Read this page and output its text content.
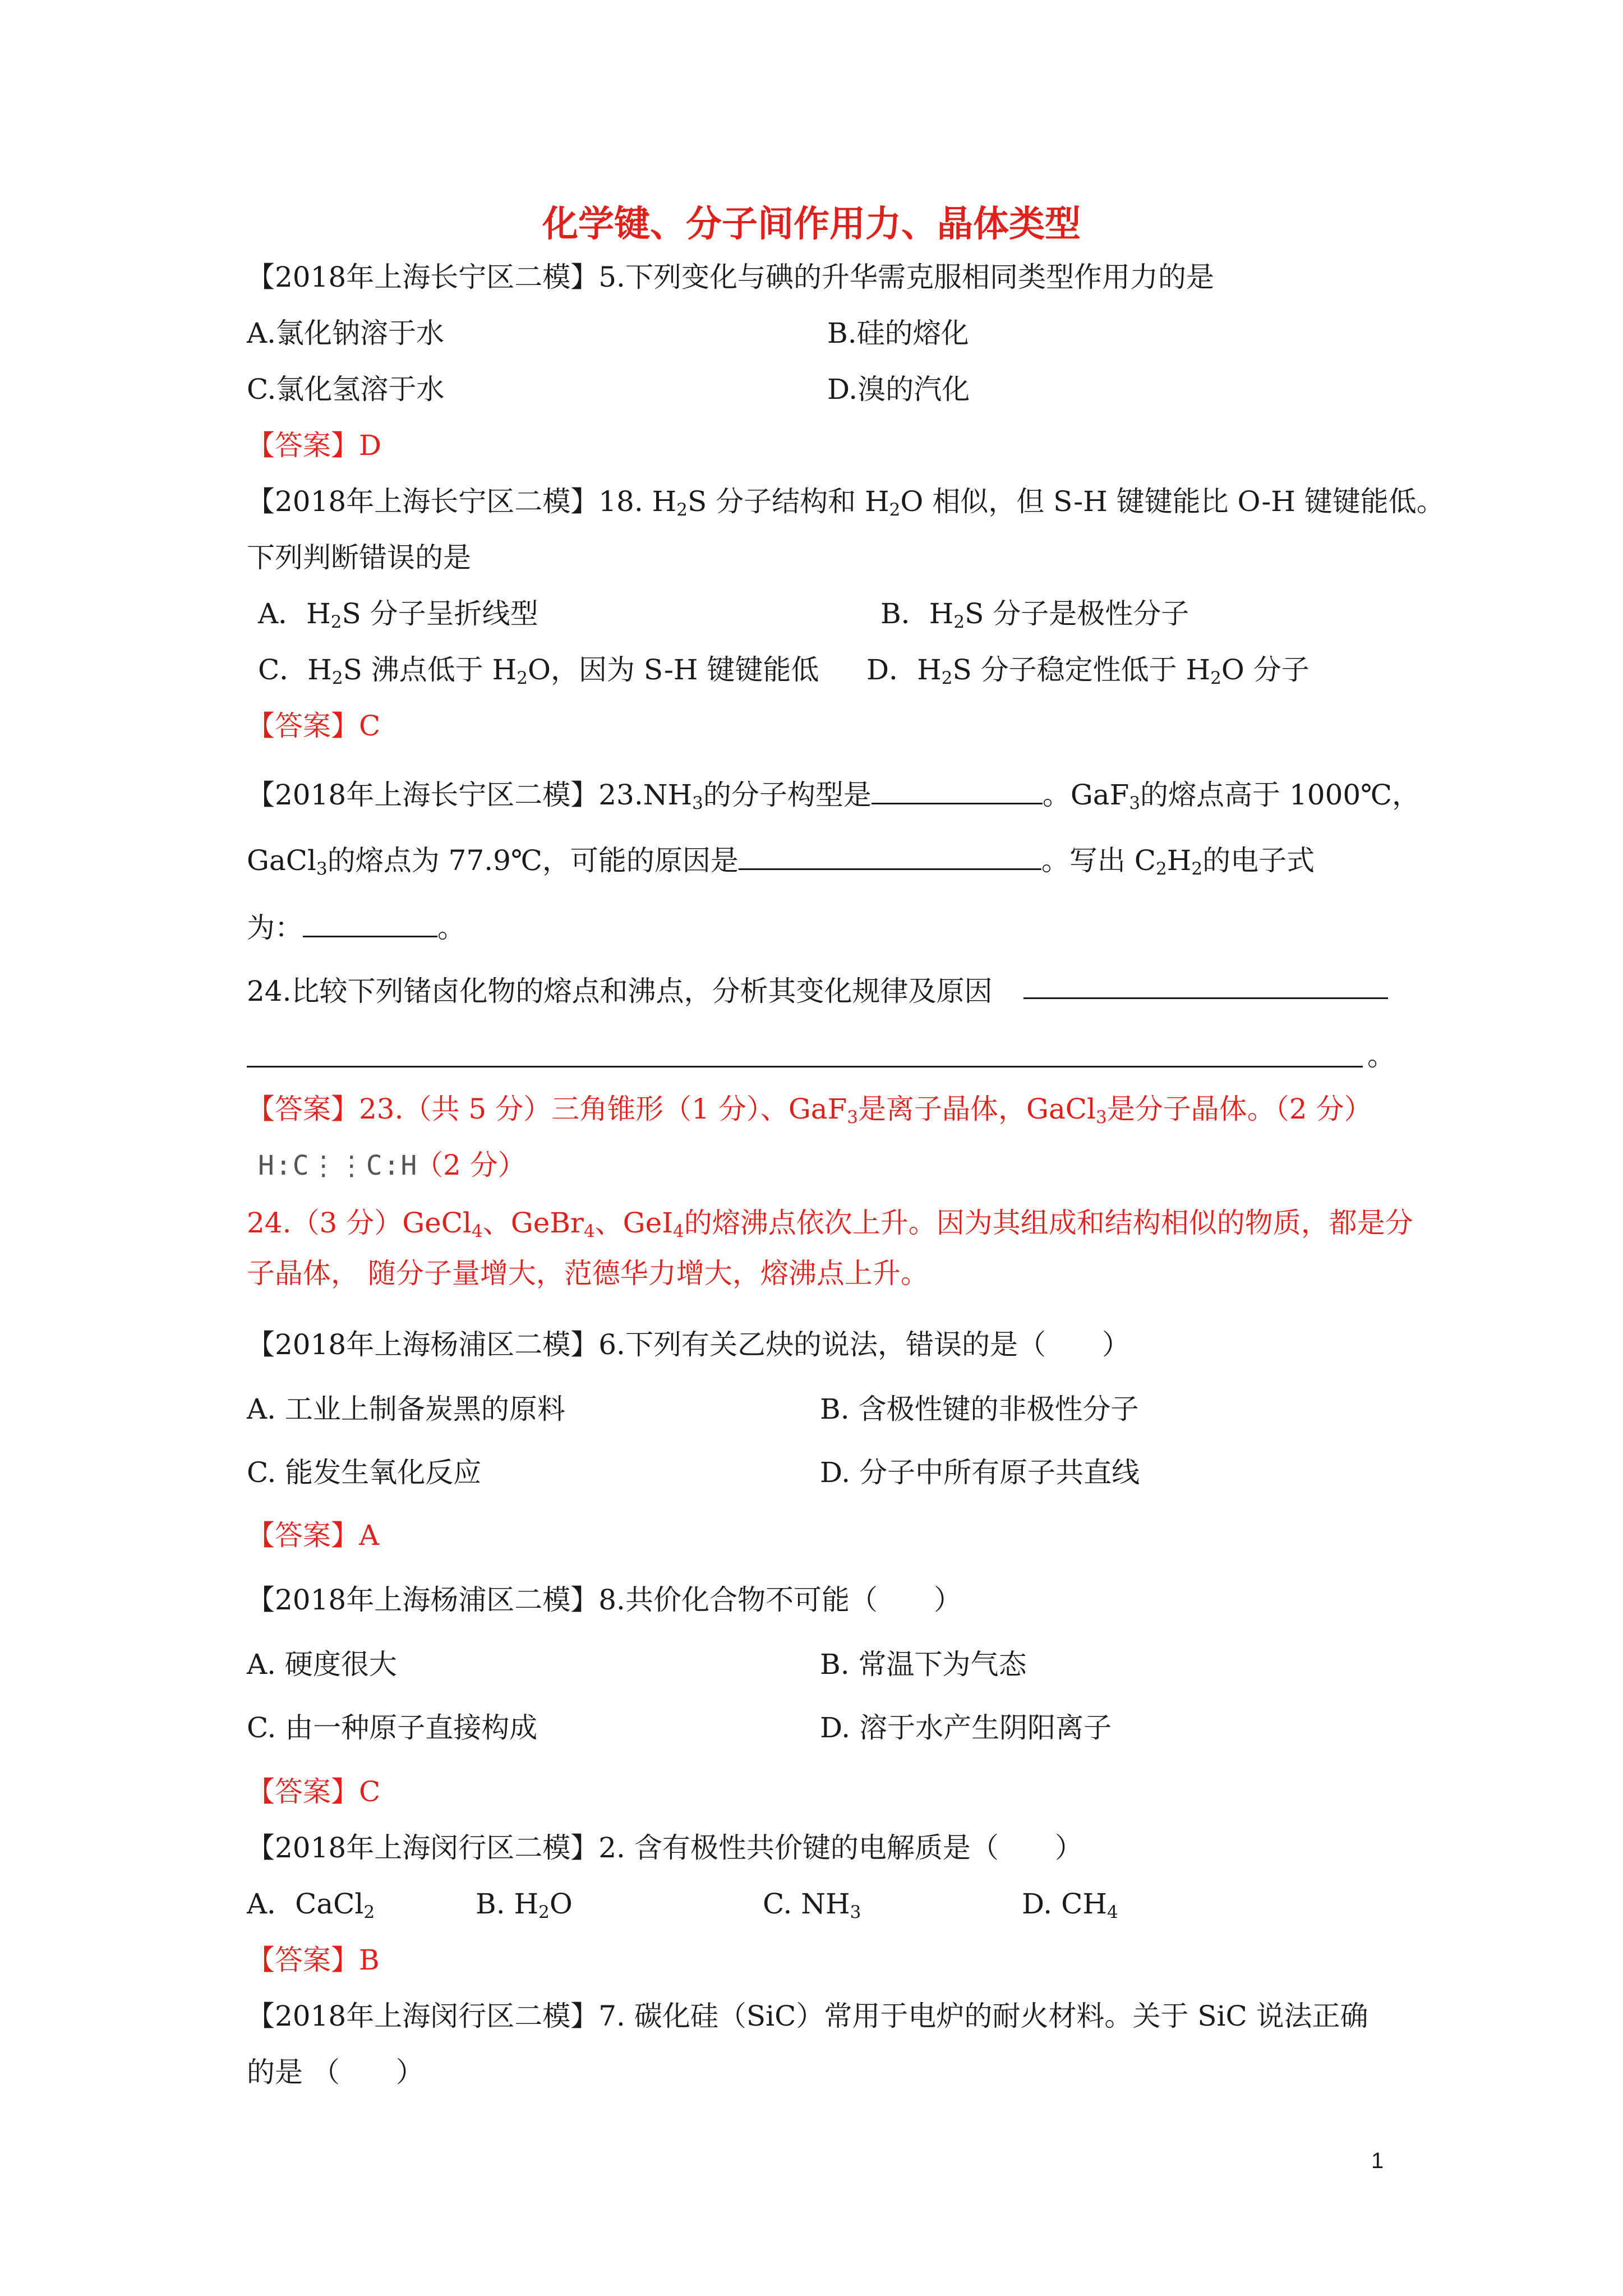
化学键、分子间作用力、晶体类型
【2018年上海长宁区二模】5.下列变化与碘的升华需克服相同类型作用力的是
A.氯化钠溶于水	B.硅的熔化
C.氯化氢溶于水	D.溴的汽化
【答案】D
【2018年上海长宁区二模】18. $H_2S$ 分子结构和 $H_2O$ 相似，但 S-H 键键能比 O-H 键键能低。
下列判断错误的是
A．$H_2S$ 分子呈折线型	B．$H_2S$ 分子是极性分子
C．$H_2S$ 沸点低于 $H_2O$，因为 S-H 键键能低 D．$H_2S$ 分子稳定性低于 $H_2O$ 分子
【答案】C
【2018年上海长宁区二模】$23.NH_3$的分子构型是	。GaF$_3$的熔点高于 1000℃，
GaCl$_3$的熔点为 77.9℃，可能的原因是	。写出 $C_2H_2$的电子式
为：	。
24.比较下列锗卤化物的熔点和沸点，分析其变化规律及原因
。
【答案】23.（共 5 分）三角锥形（1 分）、GaF$_3$是离子晶体，GaCl$_3$是分子晶体。（2 分）
H:C⋮⋮C:H
（2 分）
24.（3 分）GeCl$_4$、GeBr$_4$、GeI$_4$的熔沸点依次上升。因为其组成和结构相似的物质，都是分
子晶体， 随分子量增大，范德华力增大，熔沸点上升。
【2018年上海杨浦区二模】6.下列有关乙炔的说法，错误的是（　　）
A. 工业上制备炭黑的原料	B. 含极性键的非极性分子
C. 能发生氧化反应	D. 分子中所有原子共直线
【答案】A
【2018年上海杨浦区二模】8.共价化合物不可能（　　）
A. 硬度很大	B. 常温下为气态
C. 由一种原子直接构成	D. 溶于水产生阴阳离子
【答案】C
【2018年上海闵行区二模】2. 含有极性共价键的电解质是（　　）
A．CaCl$_2$	B. $H_2O$	C. $NH_3$	D. $CH_4$
【答案】B
【2018年上海闵行区二模】7. 碳化硅（SiC）常用于电炉的耐火材料。关于 SiC 说法正确
的是 （　　）
1
